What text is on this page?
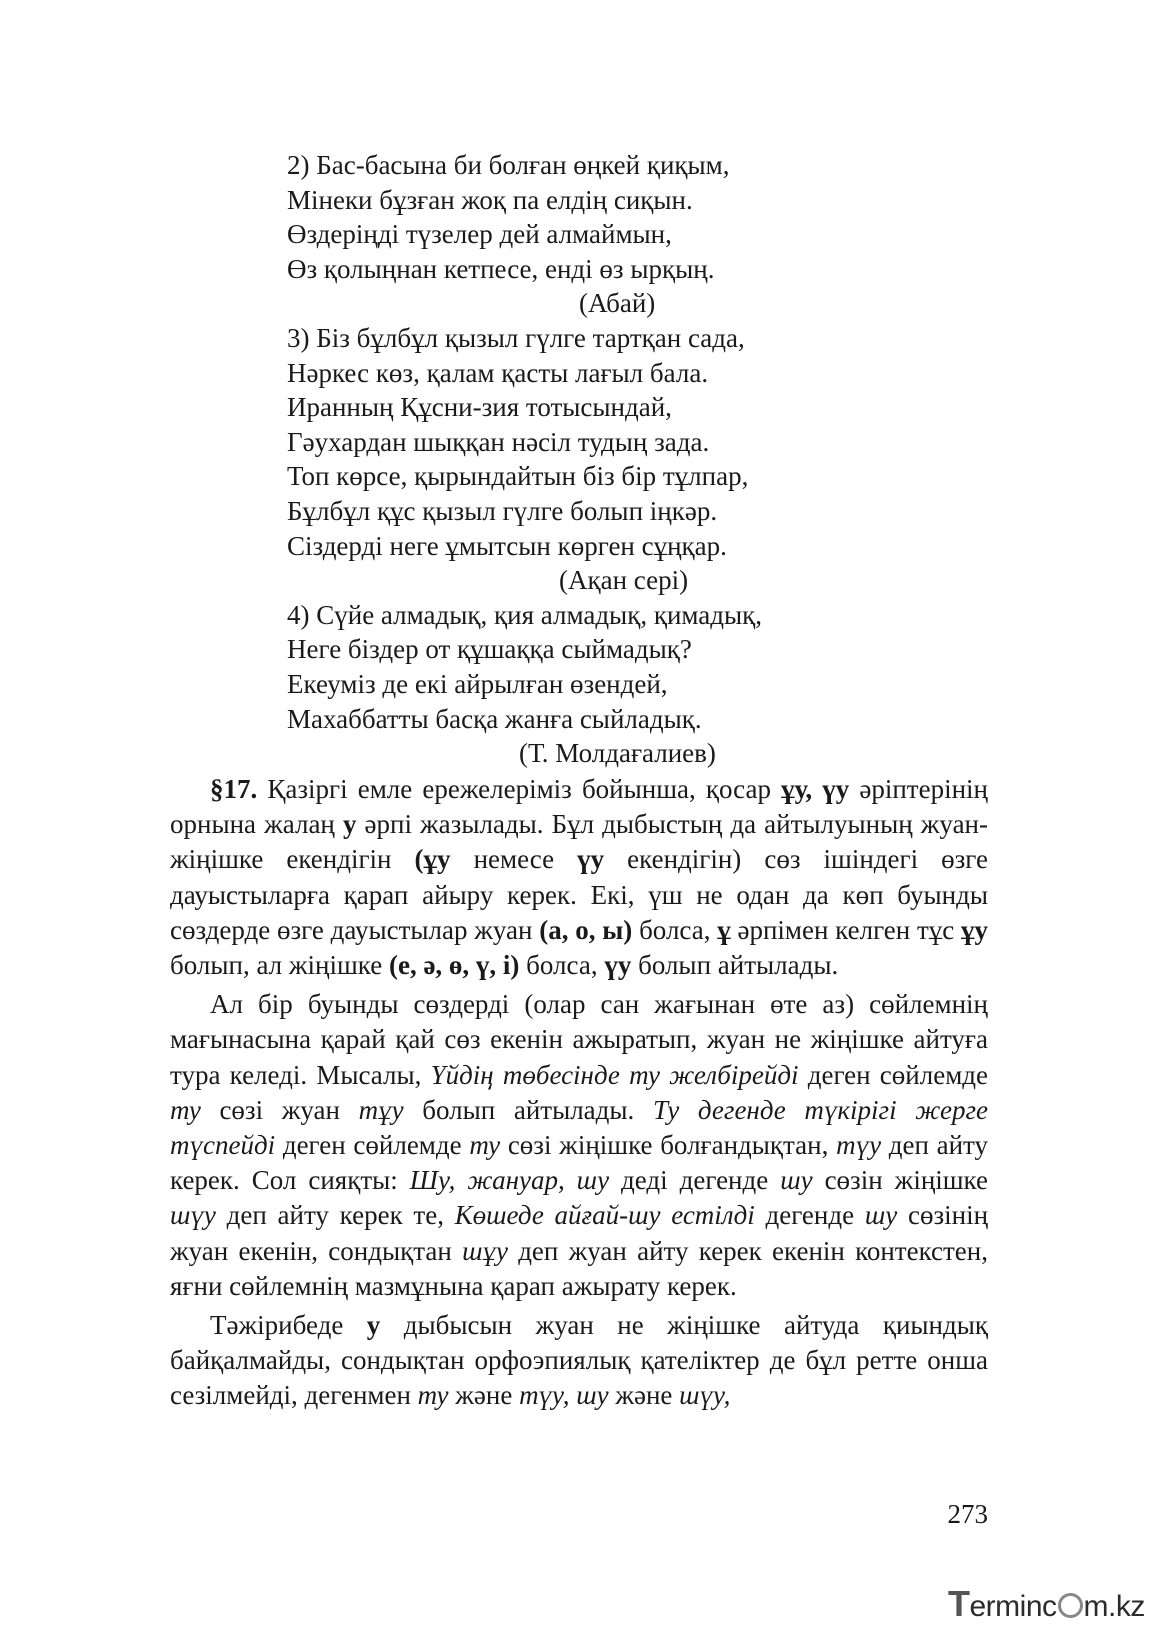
2) Бас-басына би болған өңкей қиқым,
Мінеки бұзған жоқ па елдің сиқын.
Өздеріңді түзелер дей алмаймын,
Өз қолыңнан кетпесе, енді өз ырқың.
(Абай)
3) Біз бұлбұл қызыл гүлге тартқан сада,
Нәркес көз, қалам қасты лағыл бала.
Иранның Құсни-зия тотысындай,
Гәухардан шыққан нәсіл тудың зада.
Топ көрсе, қырындайтын біз бір тұлпар,
Бұлбұл құс қызыл гүлге болып іңкәр.
Сіздерді неге ұмытсын көрген сұңқар.
(Ақан сері)
4) Сүйе алмадық, қия алмадық, қимадық,
Неге біздер от құшаққа сыймадық?
Екеуміз де екі айрылған өзендей,
Махаббатты басқа жанға сыйладық.
(Т. Молдағалиев)

§17. Қазіргі емле ережелеріміз бойынша, қосар ұу, үу әріптерінің орнына жалаң у әрпі жазылады. Бұл дыбыстың да айтылуының жуан-жіңішке екендігін (ұу немесе үу екендігін) сөз ішіндегі өзге дауыстыларға қарап айыру керек. Екі, үш не одан да көп буынды сөздерде өзге дауыстылар жуан (а, о, ы) болса, ұ әрпімен келген тұс ұу болып, ал жіңішке (е, ә, ө, ү, і) болса, үу болып айтылады.

Ал бір буынды сөздерді (олар сан жағынан өте аз) сөйлемнің мағынасына қарай қай сөз екенін ажыратып, жуан не жіңішке айтуға тура келеді. Мысалы, Үйдің төбесінде ту желбірейді деген сөйлемде ту сөзі жуан тұу болып айтылады. Ту дегенде түкірігі жерге түспейді деген сөйлемде ту сөзі жіңішке болғандықтан, түу деп айту керек. Сол сияқты: Шу, жануар, шу деді дегенде шу сөзін жіңішке шүу деп айту керек те, Көшеде айғай-шу естілді дегенде шу сөзінің жуан екенін, сондықтан шұу деп жуан айту керек екенін контекстен, яғни сөйлемнің мазмұнына қарап ажырату керек.

Тәжірибеде у дыбысын жуан не жіңішке айтуда қиындық байқалмайды, сондықтан орфоэпиялық қателіктер де бұл ретте онша сезілмейді, дегенмен ту және түу, шу және шүу,

273
Terminc m.kz
